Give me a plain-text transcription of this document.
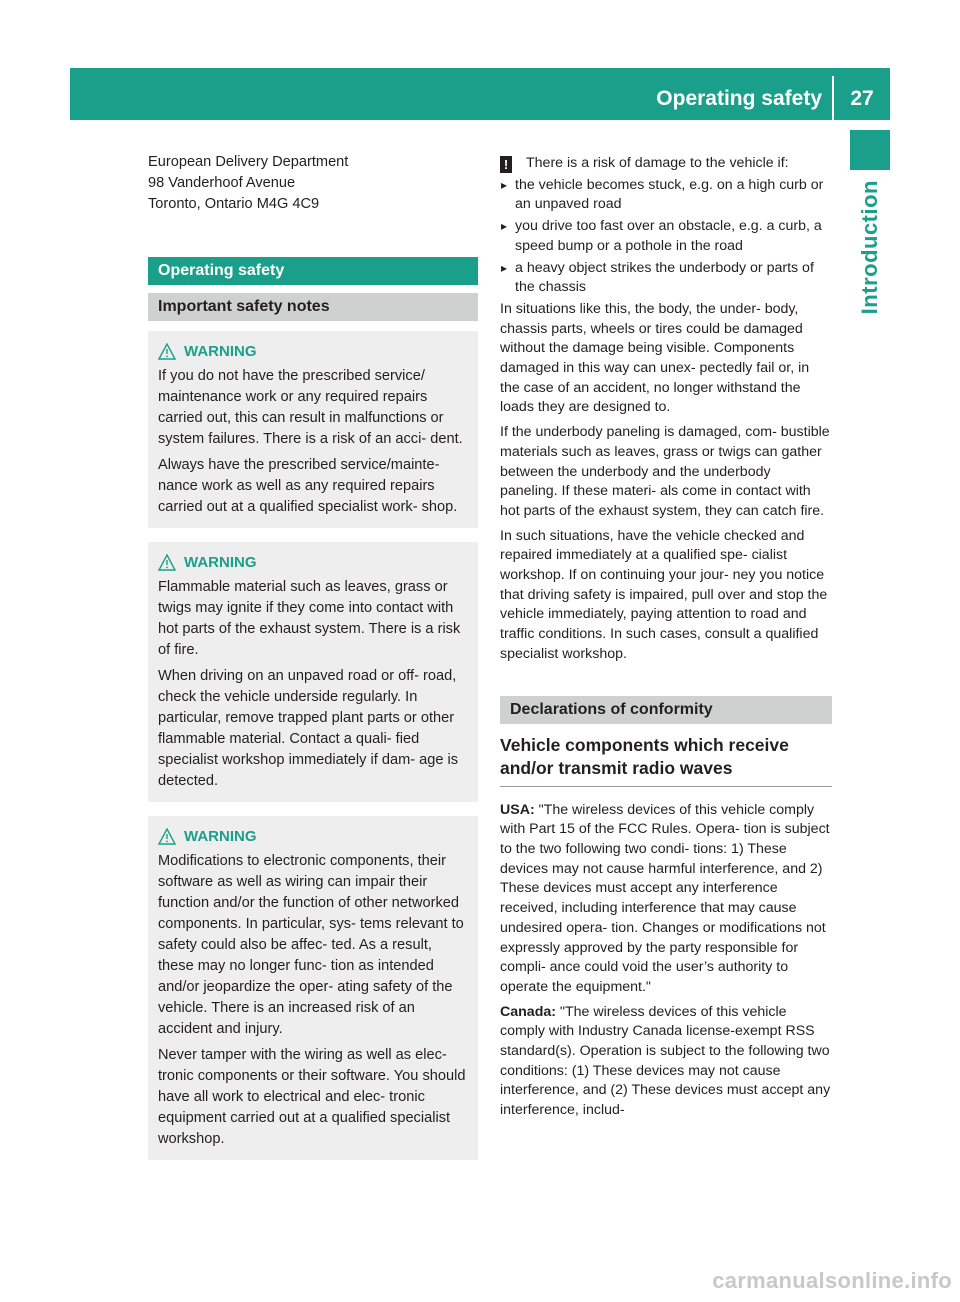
Operating safety	27
Introduction

European Delivery Department

98 Vanderhoof Avenue

Toronto, Ontario M4G 4C9

Operating safety
Important safety notes
WARNING

If you do not have the prescribed service/ maintenance work or any required repairs carried out, this can result in malfunctions or system failures. There is a risk of an acci- dent.

Always have the prescribed service/mainte- nance work as well as any required repairs carried out at a qualified specialist work- shop.

WARNING

Flammable material such as leaves, grass or twigs may ignite if they come into contact with hot parts of the exhaust system. There is a risk of fire.

When driving on an unpaved road or off- road, check the vehicle underside regularly. In particular, remove trapped plant parts or other flammable material. Contact a quali- fied specialist workshop immediately if dam- age is detected.

WARNING

Modifications to electronic components, their software as well as wiring can impair their function and/or the function of other networked components. In particular, sys- tems relevant to safety could also be affec- ted. As a result, these may no longer func- tion as intended and/or jeopardize the oper- ating safety of the vehicle. There is an increased risk of an accident and injury.

Never tamper with the wiring as well as elec- tronic components or their software. You should have all work to electrical and elec- tronic equipment carried out at a qualified specialist workshop.

! There is a risk of damage to the vehicle if:
▸ the vehicle becomes stuck, e.g. on a high curb or an unpaved road
▸ you drive too fast over an obstacle, e.g. a curb, a speed bump or a pothole in the road
▸ a heavy object strikes the underbody or parts of the chassis

In situations like this, the body, the under- body, chassis parts, wheels or tires could be damaged without the damage being visible. Components damaged in this way can unex- pectedly fail or, in the case of an accident, no longer withstand the loads they are designed to.

If the underbody paneling is damaged, com- bustible materials such as leaves, grass or twigs can gather between the underbody and the underbody paneling. If these materi- als come in contact with hot parts of the exhaust system, they can catch fire.

In such situations, have the vehicle checked and repaired immediately at a qualified spe- cialist workshop. If on continuing your jour- ney you notice that driving safety is impaired, pull over and stop the vehicle immediately, paying attention to road and traffic conditions. In such cases, consult a qualified specialist workshop.

Declarations of conformity
Vehicle components which receive and/or transmit radio waves

USA: "The wireless devices of this vehicle comply with Part 15 of the FCC Rules. Opera- tion is subject to the two following two condi- tions: 1) These devices may not cause harmful interference, and 2) These devices must accept any interference received, including interference that may cause undesired opera- tion. Changes or modifications not expressly approved by the party responsible for compli- ance could void the user’s authority to operate the equipment."

Canada: "The wireless devices of this vehicle comply with Industry Canada license-exempt RSS standard(s). Operation is subject to the following two conditions: (1) These devices may not cause interference, and (2) These devices must accept any interference, includ-

carmanualsonline.info
